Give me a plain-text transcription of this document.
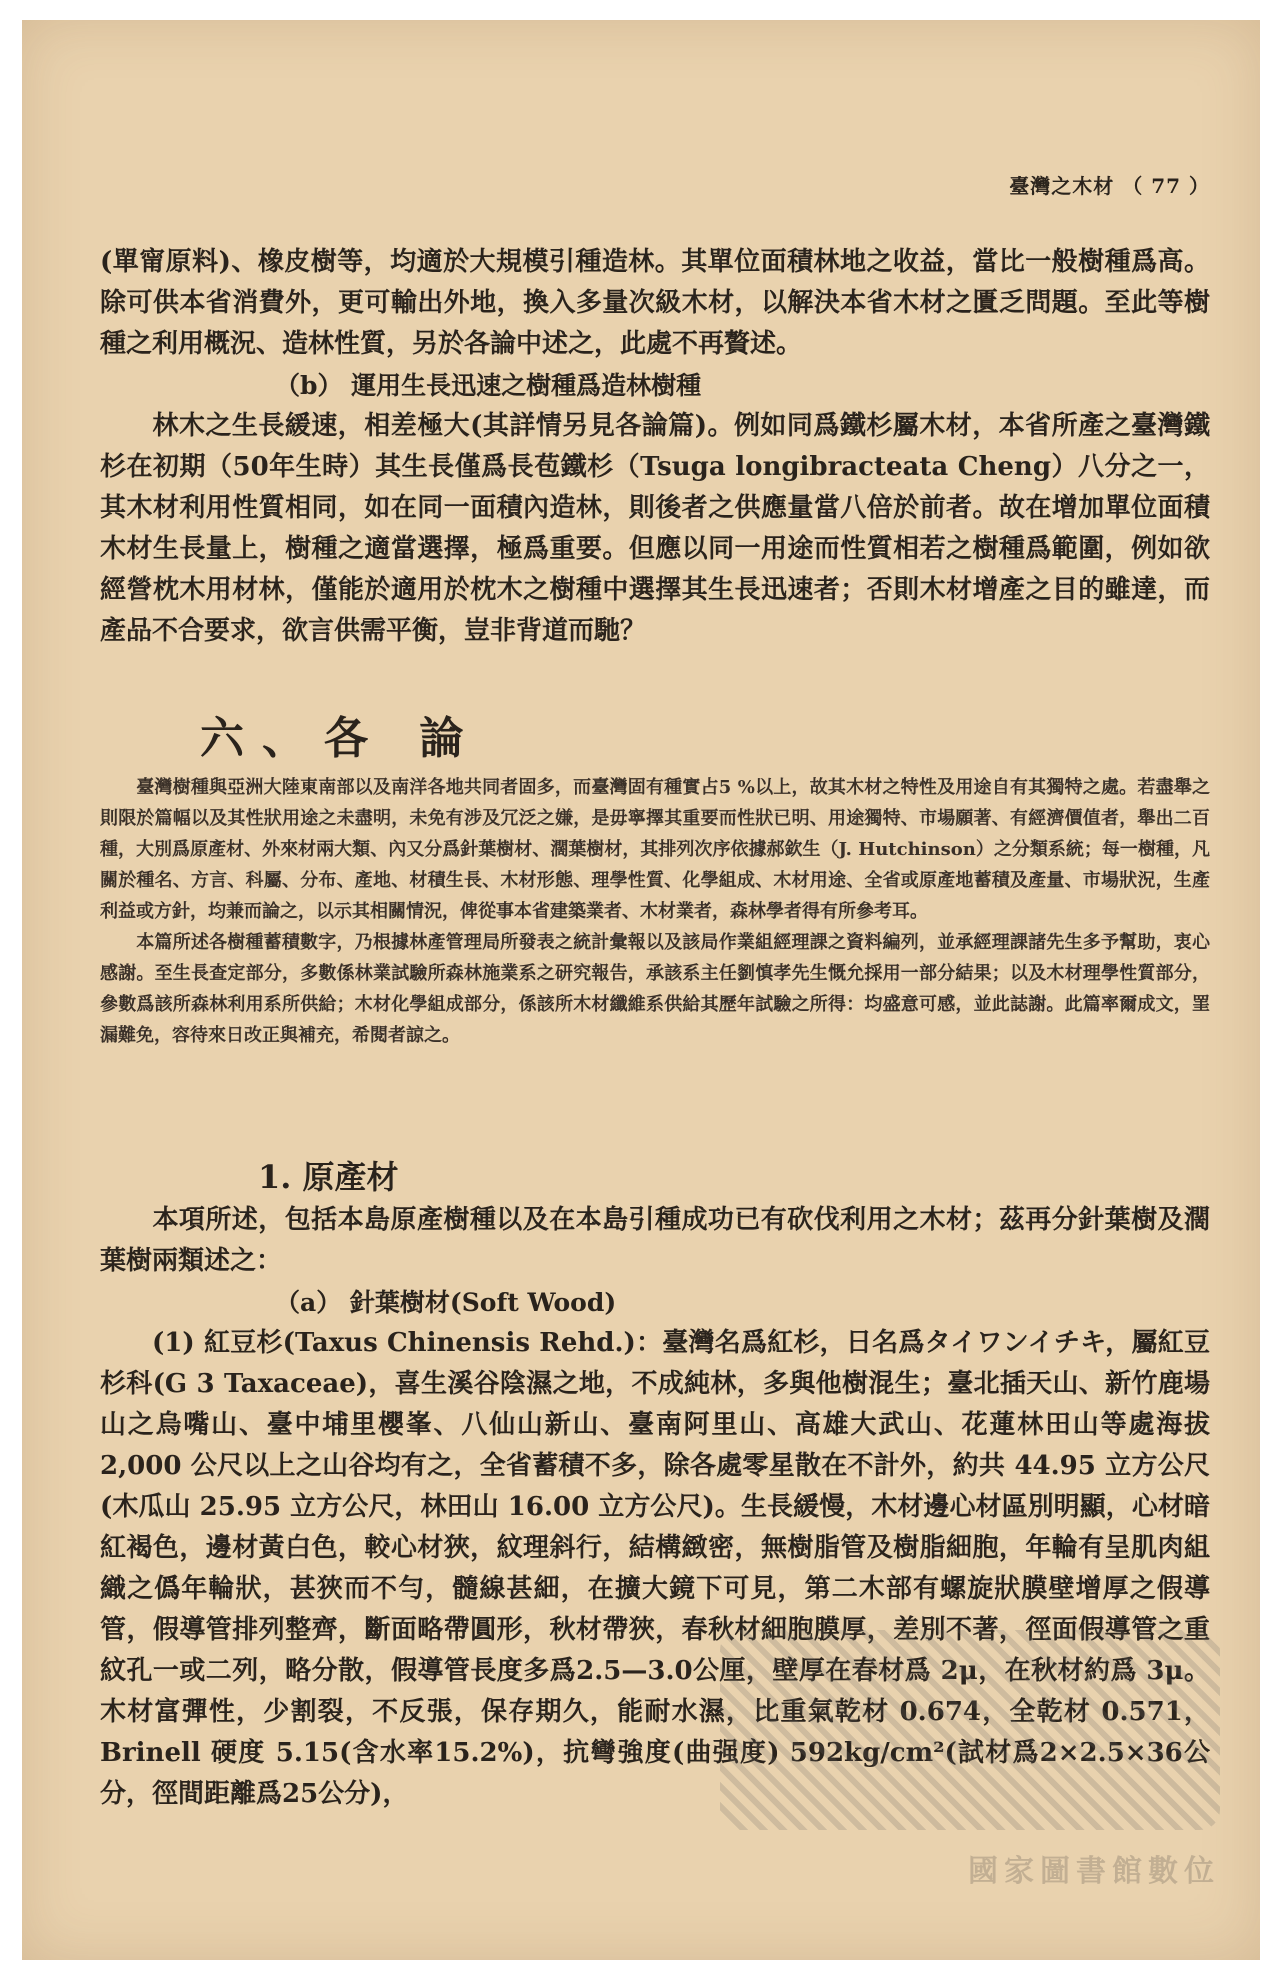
臺灣之木材 （ 77 ）

(單甯原料)、橡皮樹等，均適於大規模引種造林。其單位面積林地之收益，當比一般樹種爲高。除可供本省消費外，更可輸出外地，換入多量次級木材，以解決本省木材之匱乏問題。至此等樹種之利用概況、造林性質，另於各論中述之，此處不再贅述。

（b） 運用生長迅速之樹種爲造林樹種

林木之生長緩速，相差極大(其詳情另見各論篇)。例如同爲鐵杉屬木材，本省所產之臺灣鐵杉在初期（50年生時）其生長僅爲長苞鐵杉（Tsuga longibracteata Cheng）八分之一，其木材利用性質相同，如在同一面積內造林，則後者之供應量當八倍於前者。故在增加單位面積木材生長量上，樹種之適當選擇，極爲重要。但應以同一用途而性質相若之樹種爲範圍，例如欲經營枕木用材林，僅能於適用於枕木之樹種中選擇其生長迅速者；否則木材增產之目的雖達，而產品不合要求，欲言供需平衡，豈非背道而馳？

六、各 論

臺灣樹種與亞洲大陸東南部以及南洋各地共同者固多，而臺灣固有種實占5 %以上，故其木材之特性及用途自有其獨特之處。若盡舉之則限於篇幅以及其性狀用途之未盡明，未免有涉及冗泛之嫌，是毋寧擇其重要而性狀已明、用途獨特、市場願著、有經濟價值者，舉出二百種，大別爲原產材、外來材兩大類、內又分爲針葉樹材、濶葉樹材，其排列次序依據郝欽生（J. Hutchinson）之分類系統；每一樹種，凡關於種名、方言、科屬、分布、產地、材積生長、木材形態、理學性質、化學組成、木材用途、全省或原產地蓄積及產量、市場狀況，生產利益或方針，均兼而論之，以示其相關情況，俾從事本省建築業者、木材業者，森林學者得有所參考耳。

本篇所述各樹種蓄積數字，乃根據林產管理局所發表之統計彙報以及該局作業組經理課之資料編列，並承經理課諸先生多予幫助，衷心感謝。至生長查定部分，多數係林業試驗所森林施業系之研究報告，承該系主任劉慎孝先生慨允採用一部分結果；以及木材理學性質部分，參數爲該所森林利用系所供給；木材化學組成部分，係該所木材纖維系供給其歷年試驗之所得：均盛意可感，並此誌謝。此篇率爾成文，罣漏難免，容待來日改正與補充，希閱者諒之。

1. 原產材

本項所述，包括本島原產樹種以及在本島引種成功已有砍伐利用之木材；茲再分針葉樹及濶葉樹兩類述之：

（a） 針葉樹材(Soft Wood)

(1) 紅豆杉(Taxus Chinensis Rehd.)：臺灣名爲紅杉，日名爲タイワンイチキ，屬紅豆杉科(G 3 Taxaceae)，喜生溪谷陰濕之地，不成純林，多與他樹混生；臺北插天山、新竹鹿場山之烏嘴山、臺中埔里櫻峯、八仙山新山、臺南阿里山、高雄大武山、花蓮林田山等處海拔 2,000 公尺以上之山谷均有之，全省蓄積不多，除各處零星散在不計外，約共 44.95 立方公尺(木瓜山 25.95 立方公尺，林田山 16.00 立方公尺)。生長緩慢，木材邊心材區別明顯，心材暗紅褐色，邊材黃白色，較心材狹，紋理斜行，結構緻密，無樹脂管及樹脂細胞，年輪有呈肌肉組織之僞年輪狀，甚狹而不勻，髓線甚細，在擴大鏡下可見，第二木部有螺旋狀膜壁增厚之假導管，假導管排列整齊，斷面略帶圓形，秋材帶狹，春秋材細胞膜厚，差別不著，徑面假導管之重紋孔一或二列，略分散，假導管長度多爲2.5—3.0公厘，壁厚在春材爲 2μ，在秋材約爲 3μ。木材富彈性，少割裂，不反張，保存期久，能耐水濕，比重氣乾材 0.674，全乾材 0.571，Brinell 硬度 5.15(含水率15.2%)，抗彎強度(曲强度) 592kg/cm²(試材爲2×2.5×36公分，徑間距離爲25公分)，

國家圖書館數位
